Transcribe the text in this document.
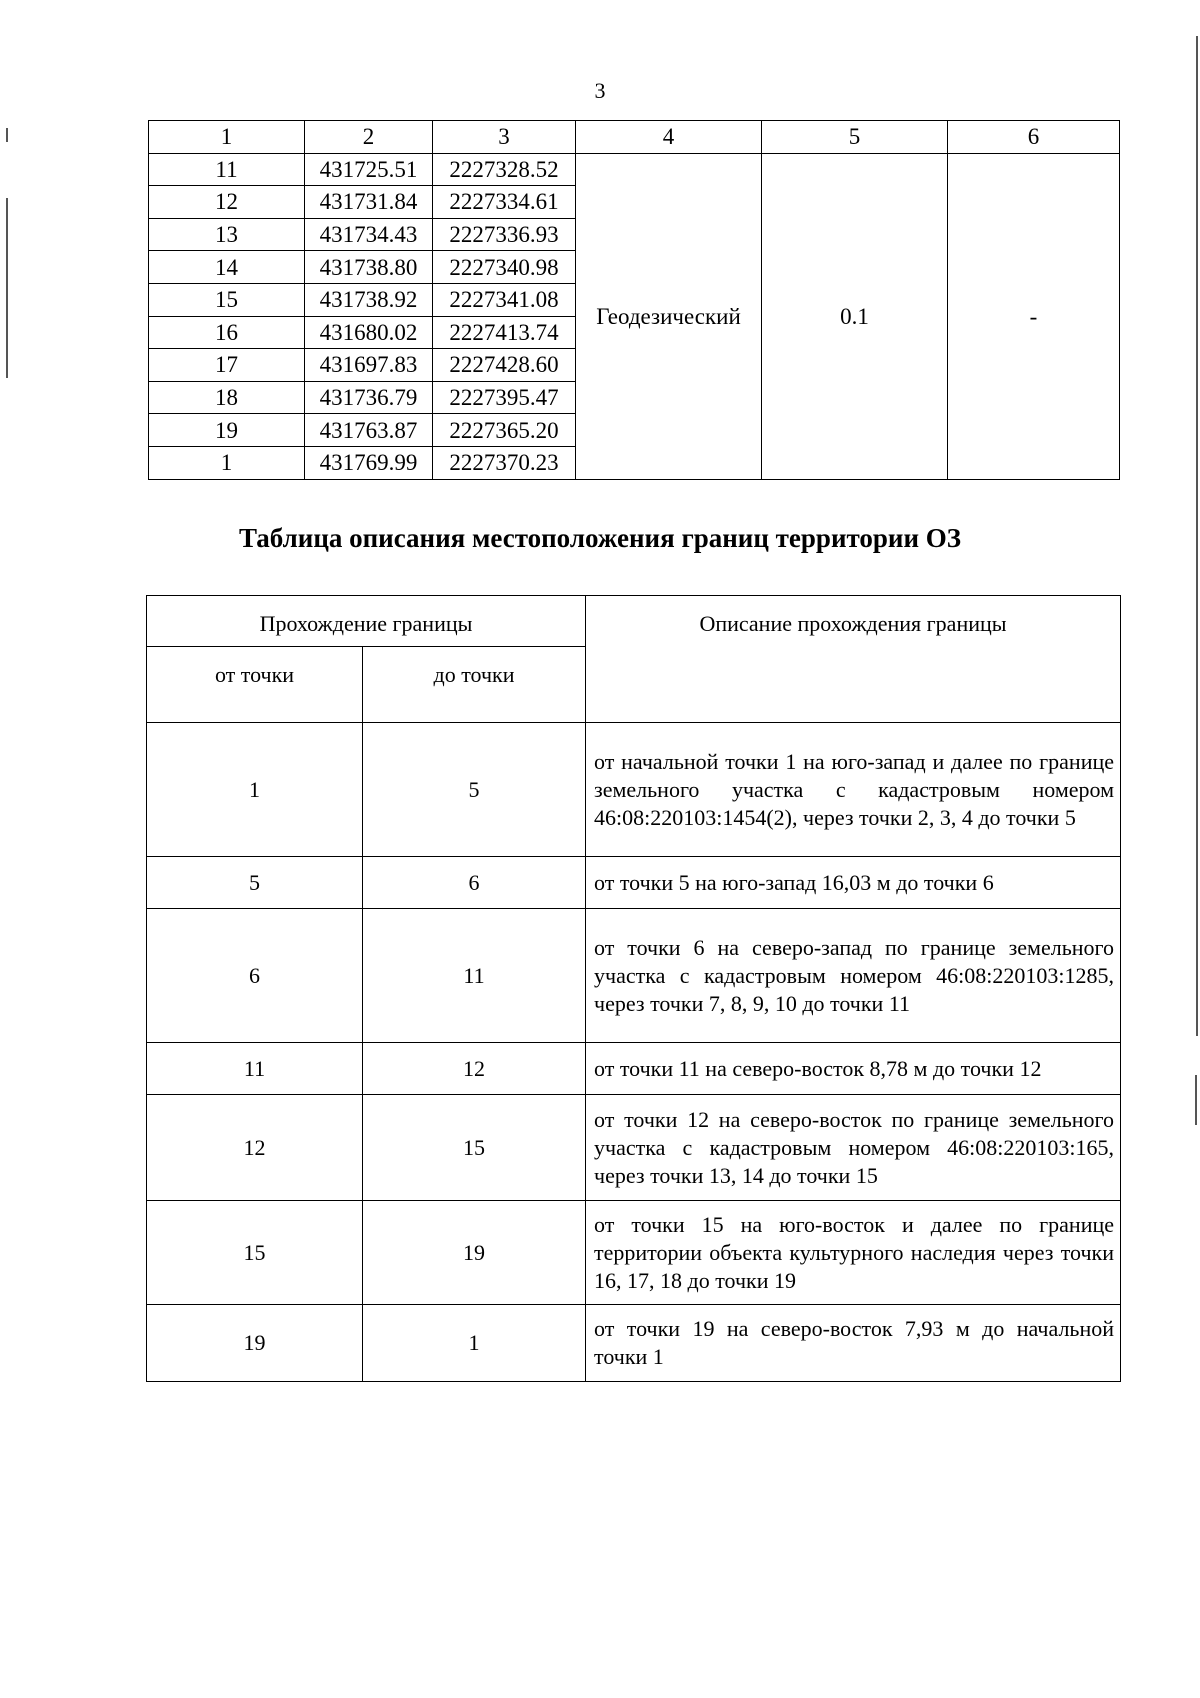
3
1	2	3	4	5	6
11	431725.51	2227328.52	Геодезический	0.1	-
12	431731.84	2227334.61			
13	431734.43	2227336.93			
14	431738.80	2227340.98			
15	431738.92	2227341.08			
16	431680.02	2227413.74			
17	431697.83	2227428.60			
18	431736.79	2227395.47			
19	431763.87	2227365.20			
1	431769.99	2227370.23			
Таблица описания местоположения границ территории ОЗ
Прохождение границы		Описание прохождения границы
от точки	до точки	
1	5	от начальной точки 1 на юго-запад и далее по границе земельного участка с кадастровым номером 46:08:220103:1454(2), через точки 2, 3, 4 до точки 5
5	6	от точки 5 на юго-запад 16,03 м до точки 6
6	11	от точки 6 на северо-запад по границе земельного участка с кадастровым номером 46:08:220103:1285, через точки 7, 8, 9, 10 до точки 11
11	12	от точки 11 на северо-восток 8,78 м до точки 12
12	15	от точки 12 на северо-восток по границе земельного участка с кадастровым номером 46:08:220103:165, через точки 13, 14 до точки 15
15	19	от точки 15 на юго-восток и далее по границе территории объекта культурного наследия через точки 16, 17, 18 до точки 19
19	1	от точки 19 на северо-восток 7,93 м до начальной точки 1
